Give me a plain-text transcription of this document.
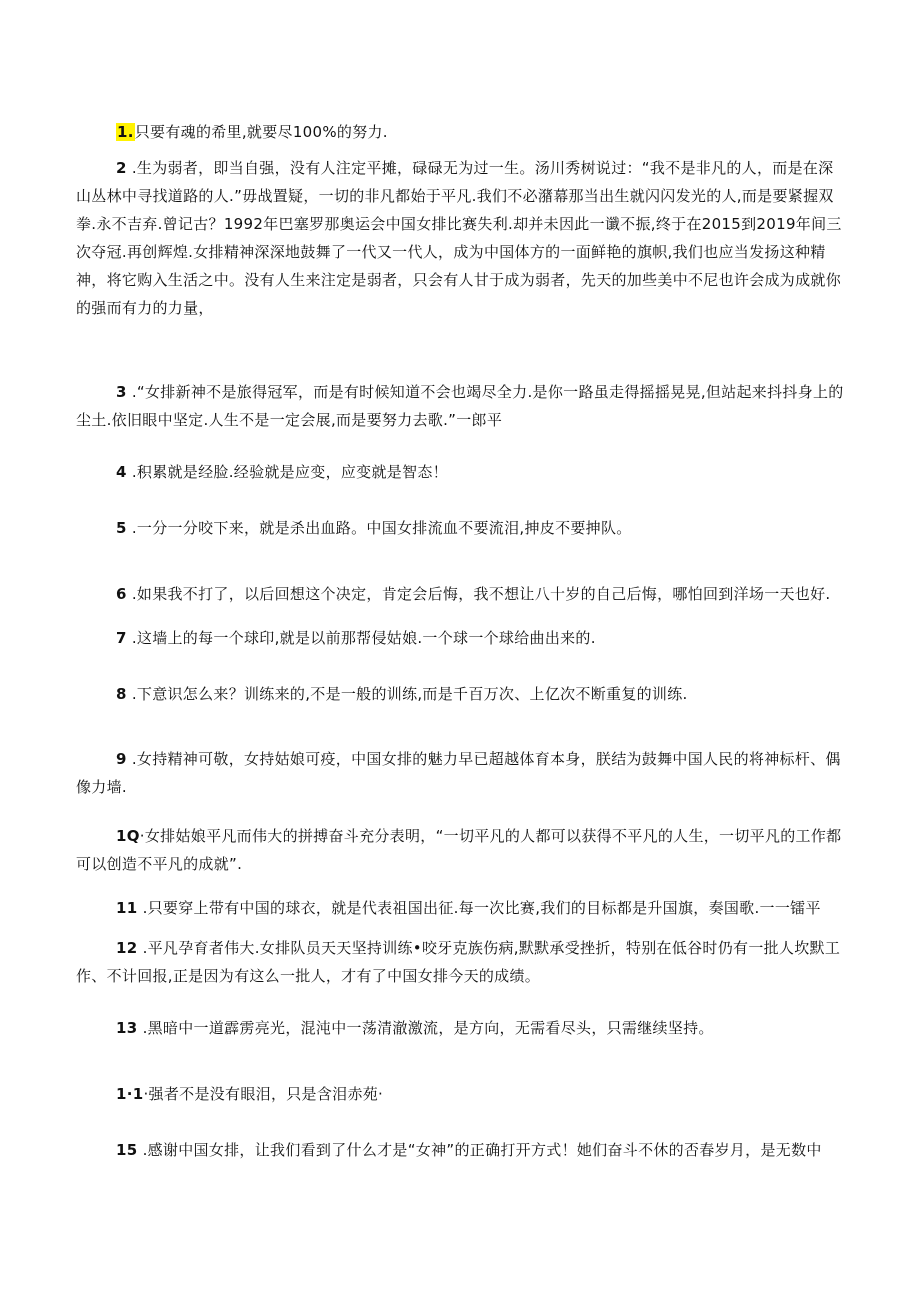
1.只要有魂的希里,就要尽100%的努力.

2 .生为弱者，即当自强，没有人注定平摊，碌碌无为过一生。汤川秀树说过：“我不是非凡的人，而是在深山丛林中寻找道路的人.”毋战置疑，一切的非凡都始于平凡.我们不必潴幕那当出生就闪闪发光的人,而是要紧握双拳.永不吉弃.曾记古？1992年巴塞罗那奥运会中国女排比赛失利.却并未因此一谶不振,终于在2015到2019年间三次夺冠.再创辉煌.女排精神深深地鼓舞了一代又一代人，成为中国体方的一面鲜艳的旗帜,我们也应当发扬这种精神，将它购入生活之中。没有人生来注定是弱者，只会有人甘于成为弱者，先天的加些美中不尼也许会成为成就你的强而有力的力量，

3 .“女排新神不是旅得冠军，而是有时候知道不会也竭尽全力.是你一路虽走得摇摇晃晃,但站起来抖抖身上的尘土.依旧眼中坚定.人生不是一定会展,而是要努力去歌.”一郎平

4 .积累就是经脸.经验就是应变，应变就是智态！

5 .一分一分咬下来，就是杀出血路。中国女排流血不要流泪,抻皮不要抻队。

6 .如果我不打了，以后回想这个决定，肯定会后悔，我不想让八十岁的自己后悔，哪怕回到洋场一天也好.

7 .这墙上的每一个球印,就是以前那帮侵姑娘.一个球一个球给曲出来的.

8 .下意识怎么来？训练来的,不是一般的训练,而是千百万次、上亿次不断重复的训练.

9 .女持精神可敬，女持姑娘可疫，中国女排的魅力早已超越体育本身，朕结为鼓舞中国人民的将神标杆、偶像力墙.

1Q·女排姑娘平凡而伟大的拼搏奋斗充分表明，“一切平凡的人都可以获得不平凡的人生，一切平凡的工作都可以创造不平凡的成就”.

11 .只要穿上带有中国的球衣，就是代表祖国出征.每一次比赛,我们的目标都是升国旗，奏国歌.一一镭平

12 .平凡孕育者伟大.女排队员天天坚持训练•咬牙克族伤病,默默承受挫折，特别在低谷时仍有一批人坎默工作、不计回报,正是因为有这么一批人，才有了中国女排今天的成绩。

13 .黑暗中一道霹雳亮光，混沌中一荡清澈激流，是方向，无需看尽头，只需继续坚持。

1·1·强者不是没有眼泪，只是含泪赤苑·

15 .感谢中国女排，让我们看到了什么才是“女神”的正确打开方式！她们奋斗不休的否春岁月，是无数中
